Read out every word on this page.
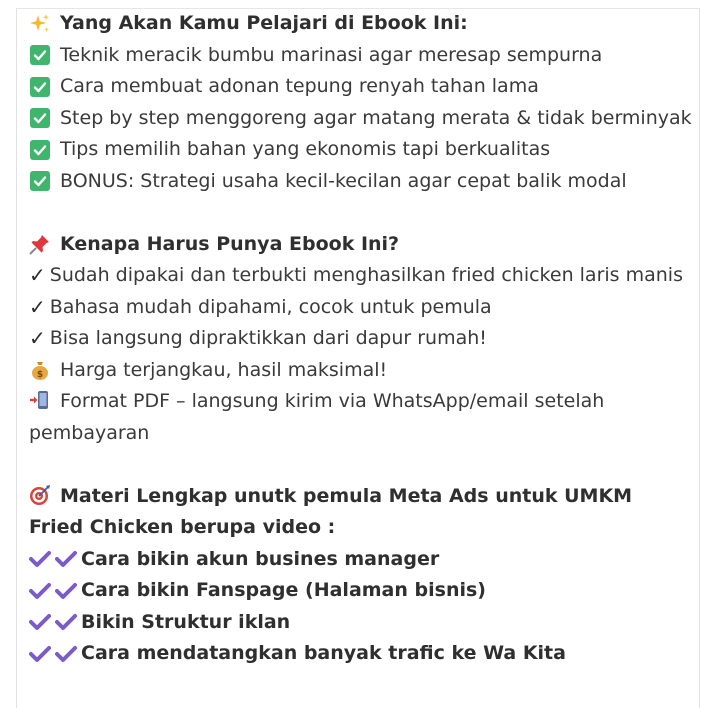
Yang Akan Kamu Pelajari di Ebook Ini:
Teknik meracik bumbu marinasi agar meresap sempurna
Cara membuat adonan tepung renyah tahan lama
Step by step menggoreng agar matang merata & tidak berminyak
Tips memilih bahan yang ekonomis tapi berkualitas
BONUS: Strategi usaha kecil-kecilan agar cepat balik modal
Kenapa Harus Punya Ebook Ini?
✓ Sudah dipakai dan terbukti menghasilkan fried chicken laris manis
✓ Bahasa mudah dipahami, cocok untuk pemula
✓ Bisa langsung dipraktikkan dari dapur rumah!
$ Harga terjangkau, hasil maksimal!
Format PDF – langsung kirim via WhatsApp/email setelah pembayaran
Materi Lengkap unutk pemula Meta Ads untuk UMKM Fried Chicken berupa video :
Cara bikin akun busines manager
Cara bikin Fanspage (Halaman bisnis)
Bikin Struktur iklan
Cara mendatangkan banyak trafic ke Wa Kita
